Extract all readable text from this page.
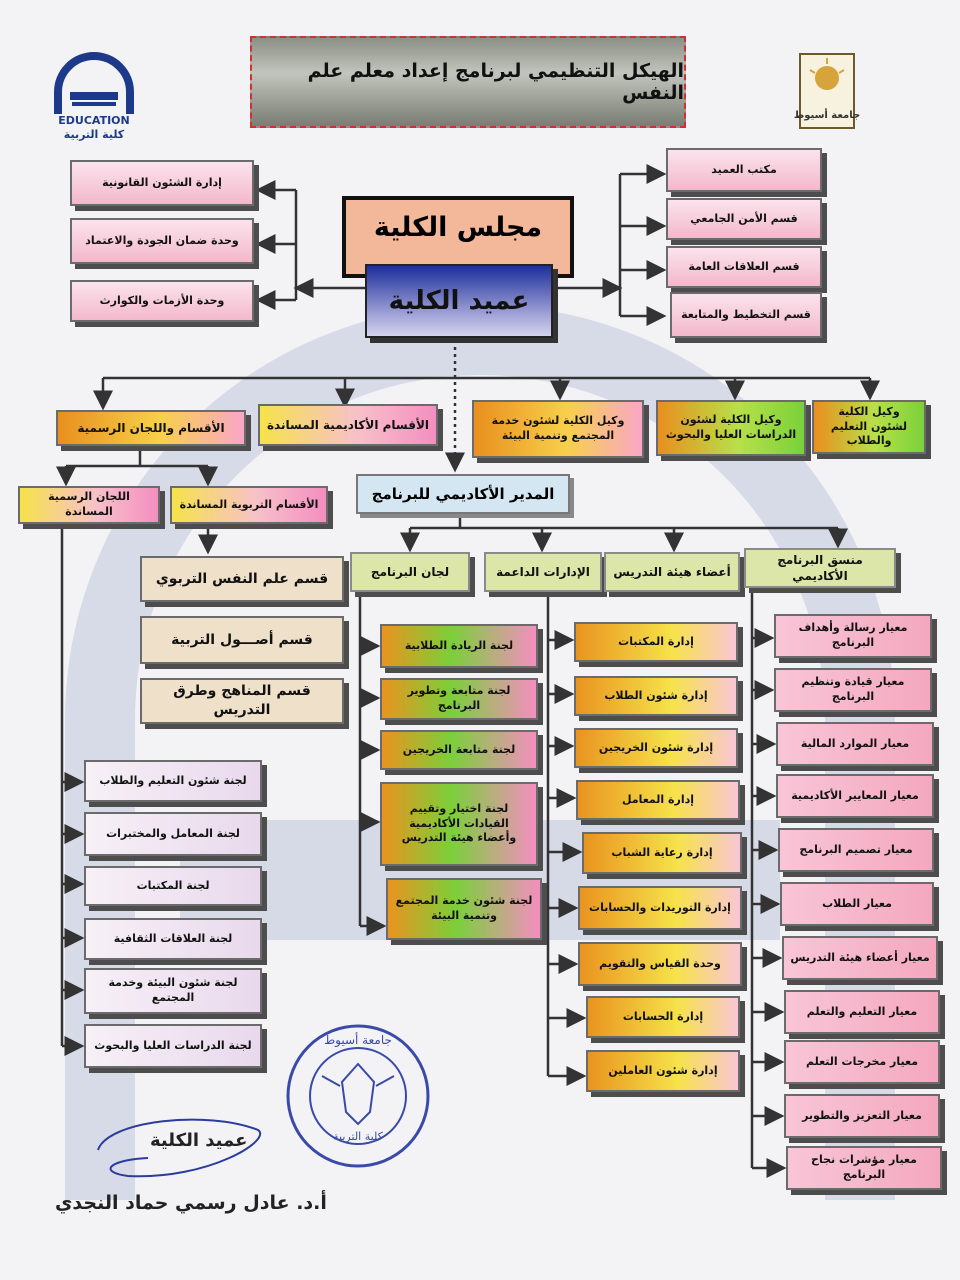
EDUCATION
كلية التربية
جامعة أسيوط
الهيكل التنظيمي لبرنامج إعداد معلم علم النفس
مجلس الكلية
عميد الكلية
إدارة الشئون القانونية
وحدة ضمان الجودة والاعتماد
وحدة الأزمات والكوارث
مكتب العميد
قسم الأمن الجامعي
قسم العلاقات العامة
قسم التخطيط والمتابعة
الأقسام واللجان الرسمية	الأقسام الأكاديمية المساندة	وكيل الكلية لشئون خدمة المجتمع وتنمية البيئة
وكيل الكلية لشئون الدراسات العليا والبحوث
وكيل الكلية لشئون التعليم والطلاب
المدير الأكاديمي للبرنامج
اللجان الرسمية المساندة
الأقسام التربوية المساندة
لجان البرنامج	الإدارات الداعمة	أعضاء هيئة التدريس
منسق البرنامج الأكاديمي
قسم علم النفس التربوي
قسم أصـــول التربية
قسم المناهج وطرق التدريس
لجنة شئون التعليم والطلاب
لجنة المعامل والمختبرات
لجنة المكتبات
لجنة العلاقات الثقافية
لجنة شئون البيئة وخدمة المجتمع
لجنة الدراسات العليا والبحوث
لجنة الريادة الطلابية
لجنة متابعة وتطوير البرنامج
لجنة متابعة الخريجين
لجنة اختيار وتقييم القيادات الأكاديمية وأعضاء هيئة التدريس
لجنة شئون خدمة المجتمع وتنمية البيئة
إدارة المكتبات
إدارة شئون الطلاب
إدارة شئون الخريجين
إدارة المعامل
إدارة رعاية الشباب
إدارة التوريدات والحسابات
وحدة القياس والتقويم
إدارة الحسابات
إدارة شئون العاملين
معيار رسالة وأهداف البرنامج
معيار قيادة وتنظيم البرنامج
معيار الموارد المالية
معيار المعايير الأكاديمية
معيار تصميم البرنامج
معيار الطلاب
معيار أعضاء هيئة التدريس
معيار التعليم والتعلم
معيار مخرجات التعلم
معيار التعزيز والتطوير
معيار مؤشرات نجاح البرنامج
جامعة أسيوط
كلية التربية
عميد الكلية
أ.د. عادل رسمي حماد النجدي
